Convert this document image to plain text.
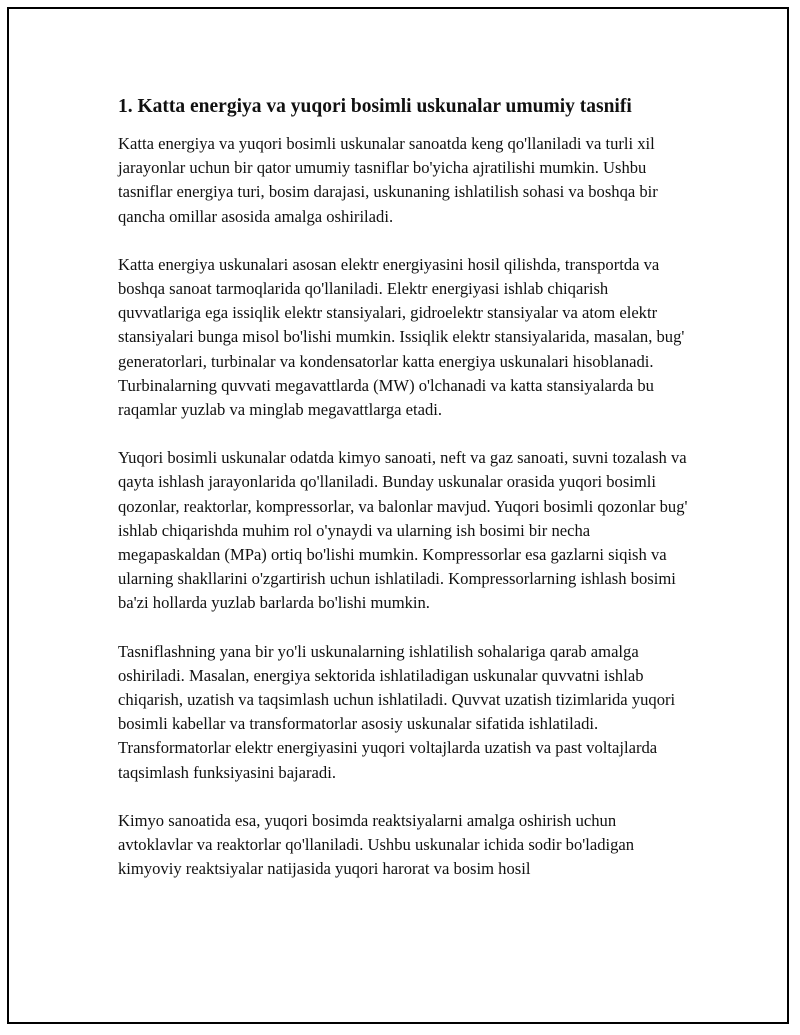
1. Katta energiya va yuqori bosimli uskunalar umumiy tasnifi

Katta energiya va yuqori bosimli uskunalar sanoatda keng qo'llaniladi va turli xil jarayonlar uchun bir qator umumiy tasniflar bo'yicha ajratilishi mumkin. Ushbu tasniflar energiya turi, bosim darajasi, uskunaning ishlatilish sohasi va boshqa bir qancha omillar asosida amalga oshiriladi.

Katta energiya uskunalari asosan elektr energiyasini hosil qilishda, transportda va boshqa sanoat tarmoqlarida qo'llaniladi. Elektr energiyasi ishlab chiqarish quvvatlariga ega issiqlik elektr stansiyalari, gidroelektr stansiyalar va atom elektr stansiyalari bunga misol bo'lishi mumkin. Issiqlik elektr stansiyalarida, masalan, bug' generatorlari, turbinalar va kondensatorlar katta energiya uskunalari hisoblanadi. Turbinalarning quvvati megavattlarda (MW) o'lchanadi va katta stansiyalarda bu raqamlar yuzlab va minglab megavattlarga etadi.

Yuqori bosimli uskunalar odatda kimyo sanoati, neft va gaz sanoati, suvni tozalash va qayta ishlash jarayonlarida qo'llaniladi. Bunday uskunalar orasida yuqori bosimli qozonlar, reaktorlar, kompressorlar, va balonlar mavjud. Yuqori bosimli qozonlar bug' ishlab chiqarishda muhim rol o'ynaydi va ularning ish bosimi bir necha megapaskaldan (MPa) ortiq bo'lishi mumkin. Kompressorlar esa gazlarni siqish va ularning shakllarini o'zgartirish uchun ishlatiladi. Kompressorlarning ishlash bosimi ba'zi hollarda yuzlab barlarda bo'lishi mumkin.

Tasniflashning yana bir yo'li uskunalarning ishlatilish sohalariga qarab amalga oshiriladi. Masalan, energiya sektorida ishlatiladigan uskunalar quvvatni ishlab chiqarish, uzatish va taqsimlash uchun ishlatiladi. Quvvat uzatish tizimlarida yuqori bosimli kabellar va transformatorlar asosiy uskunalar sifatida ishlatiladi. Transformatorlar elektr energiyasini yuqori voltajlarda uzatish va past voltajlarda taqsimlash funksiyasini bajaradi.

Kimyo sanoatida esa, yuqori bosimda reaktsiyalarni amalga oshirish uchun avtoklavlar va reaktorlar qo'llaniladi. Ushbu uskunalar ichida sodir bo'ladigan kimyoviy reaktsiyalar natijasida yuqori harorat va bosim hosil
